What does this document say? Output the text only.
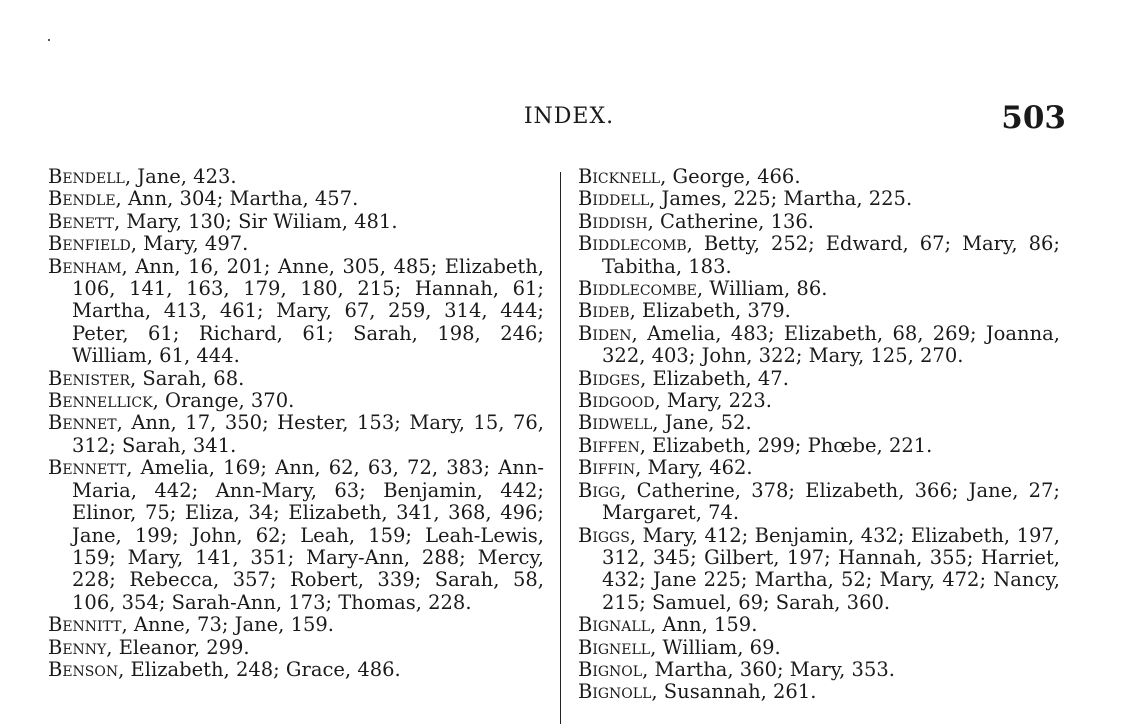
INDEX.	503

Bendell, Jane, 423.

Bendle, Ann, 304; Martha, 457.

Benett, Mary, 130; Sir Wiliam, 481.

Benfield, Mary, 497.

Benham, Ann, 16, 201; Anne, 305, 485; Elizabeth, 106, 141, 163, 179, 180, 215; Hannah, 61; Martha, 413, 461; Mary, 67, 259, 314, 444; Peter, 61; Richard, 61; Sarah, 198, 246; William, 61, 444.

Benister, Sarah, 68.

Bennellick, Orange, 370.

Bennet, Ann, 17, 350; Hester, 153; Mary, 15, 76, 312; Sarah, 341.

Bennett, Amelia, 169; Ann, 62, 63, 72, 383; Ann-Maria, 442; Ann-Mary, 63; Benjamin, 442; Elinor, 75; Eliza, 34; Elizabeth, 341, 368, 496; Jane, 199; John, 62; Leah, 159; Leah-Lewis, 159; Mary, 141, 351; Mary-Ann, 288; Mercy, 228; Rebecca, 357; Robert, 339; Sarah, 58, 106, 354; Sarah-Ann, 173; Thomas, 228.

Bennitt, Anne, 73; Jane, 159.

Benny, Eleanor, 299.

Benson, Elizabeth, 248; Grace, 486.

Bicknell, George, 466.

Biddell, James, 225; Martha, 225.

Biddish, Catherine, 136.

Biddlecomb, Betty, 252; Edward, 67; Mary, 86; Tabitha, 183.

Biddlecombe, William, 86.

Bideb, Elizabeth, 379.

Biden, Amelia, 483; Elizabeth, 68, 269; Joanna, 322, 403; John, 322; Mary, 125, 270.

Bidges, Elizabeth, 47.

Bidgood, Mary, 223.

Bidwell, Jane, 52.

Biffen, Elizabeth, 299; Phœbe, 221.

Biffin, Mary, 462.

Bigg, Catherine, 378; Elizabeth, 366; Jane, 27; Margaret, 74.

Biggs, Mary, 412; Benjamin, 432; Elizabeth, 197, 312, 345; Gilbert, 197; Hannah, 355; Harriet, 432; Jane 225; Martha, 52; Mary, 472; Nancy, 215; Samuel, 69; Sarah, 360.

Bignall, Ann, 159.

Bignell, William, 69.

Bignol, Martha, 360; Mary, 353.

Bignoll, Susannah, 261.
